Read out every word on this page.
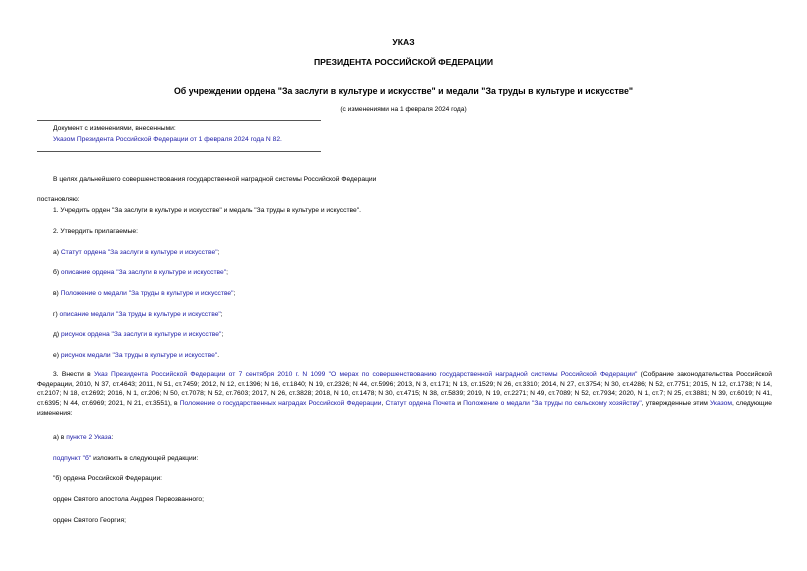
УКАЗ
ПРЕЗИДЕНТА РОССИЙСКОЙ ФЕДЕРАЦИИ
Об учреждении ордена "За заслуги в культуре и искусстве" и медали "За труды в культуре и искусстве"
(с изменениями на 1 февраля 2024 года)
Документ с изменениями, внесенными:
Указом Президента Российской Федерации от 1 февраля 2024 года N 82.
В целях дальнейшего совершенствования государственной наградной системы Российской Федерации
постановляю:
1. Учредить орден "За заслуги в культуре и искусстве" и медаль "За труды в культуре и искусстве".
2. Утвердить прилагаемые:
а) Статут ордена "За заслуги в культуре и искусстве";
б) описание ордена "За заслуги в культуре и искусстве";
в) Положение о медали "За труды в культуре и искусстве";
г) описание медали "За труды в культуре и искусстве";
д) рисунок ордена "За заслуги в культуре и искусстве";
е) рисунок медали "За труды в культуре и искусстве".
3. Внести в Указ Президента Российской Федерации от 7 сентября 2010 г. N 1099 "О мерах по совершенствованию государственной наградной системы Российской Федерации" (Собрание законодательства Российской Федерации, 2010, N 37, ст.4643; 2011, N 51, ст.7459; 2012, N 12, ст.1396; N 16, ст.1840; N 19, ст.2326; N 44, ст.5996; 2013, N 3, ст.171; N 13, ст.1529; N 26, ст.3310; 2014, N 27, ст.3754; N 30, ст.4286; N 52, ст.7751; 2015, N 12, ст.1738; N 14, ст.2107; N 18, ст.2692; 2016, N 1, ст.206; N 50, ст.7078; N 52, ст.7603; 2017, N 26, ст.3828; 2018, N 10, ст.1478; N 30, ст.4715; N 38, ст.5839; 2019, N 19, ст.2271; N 49, ст.7089; N 52, ст.7934; 2020, N 1, ст.7; N 25, ст.3881; N 39, ст.6019; N 41, ст.6395; N 44, ст.6969; 2021, N 21, ст.3551), в Положение о государственных наградах Российской Федерации, Статут ордена Почета и Положение о медали "За труды по сельскому хозяйству", утвержденные этим Указом, следующие изменения:
а) в пункте 2 Указа:
подпункт "б" изложить в следующей редакции:
"б) ордена Российской Федерации:
орден Святого апостола Андрея Первозванного;
орден Святого Георгия;
